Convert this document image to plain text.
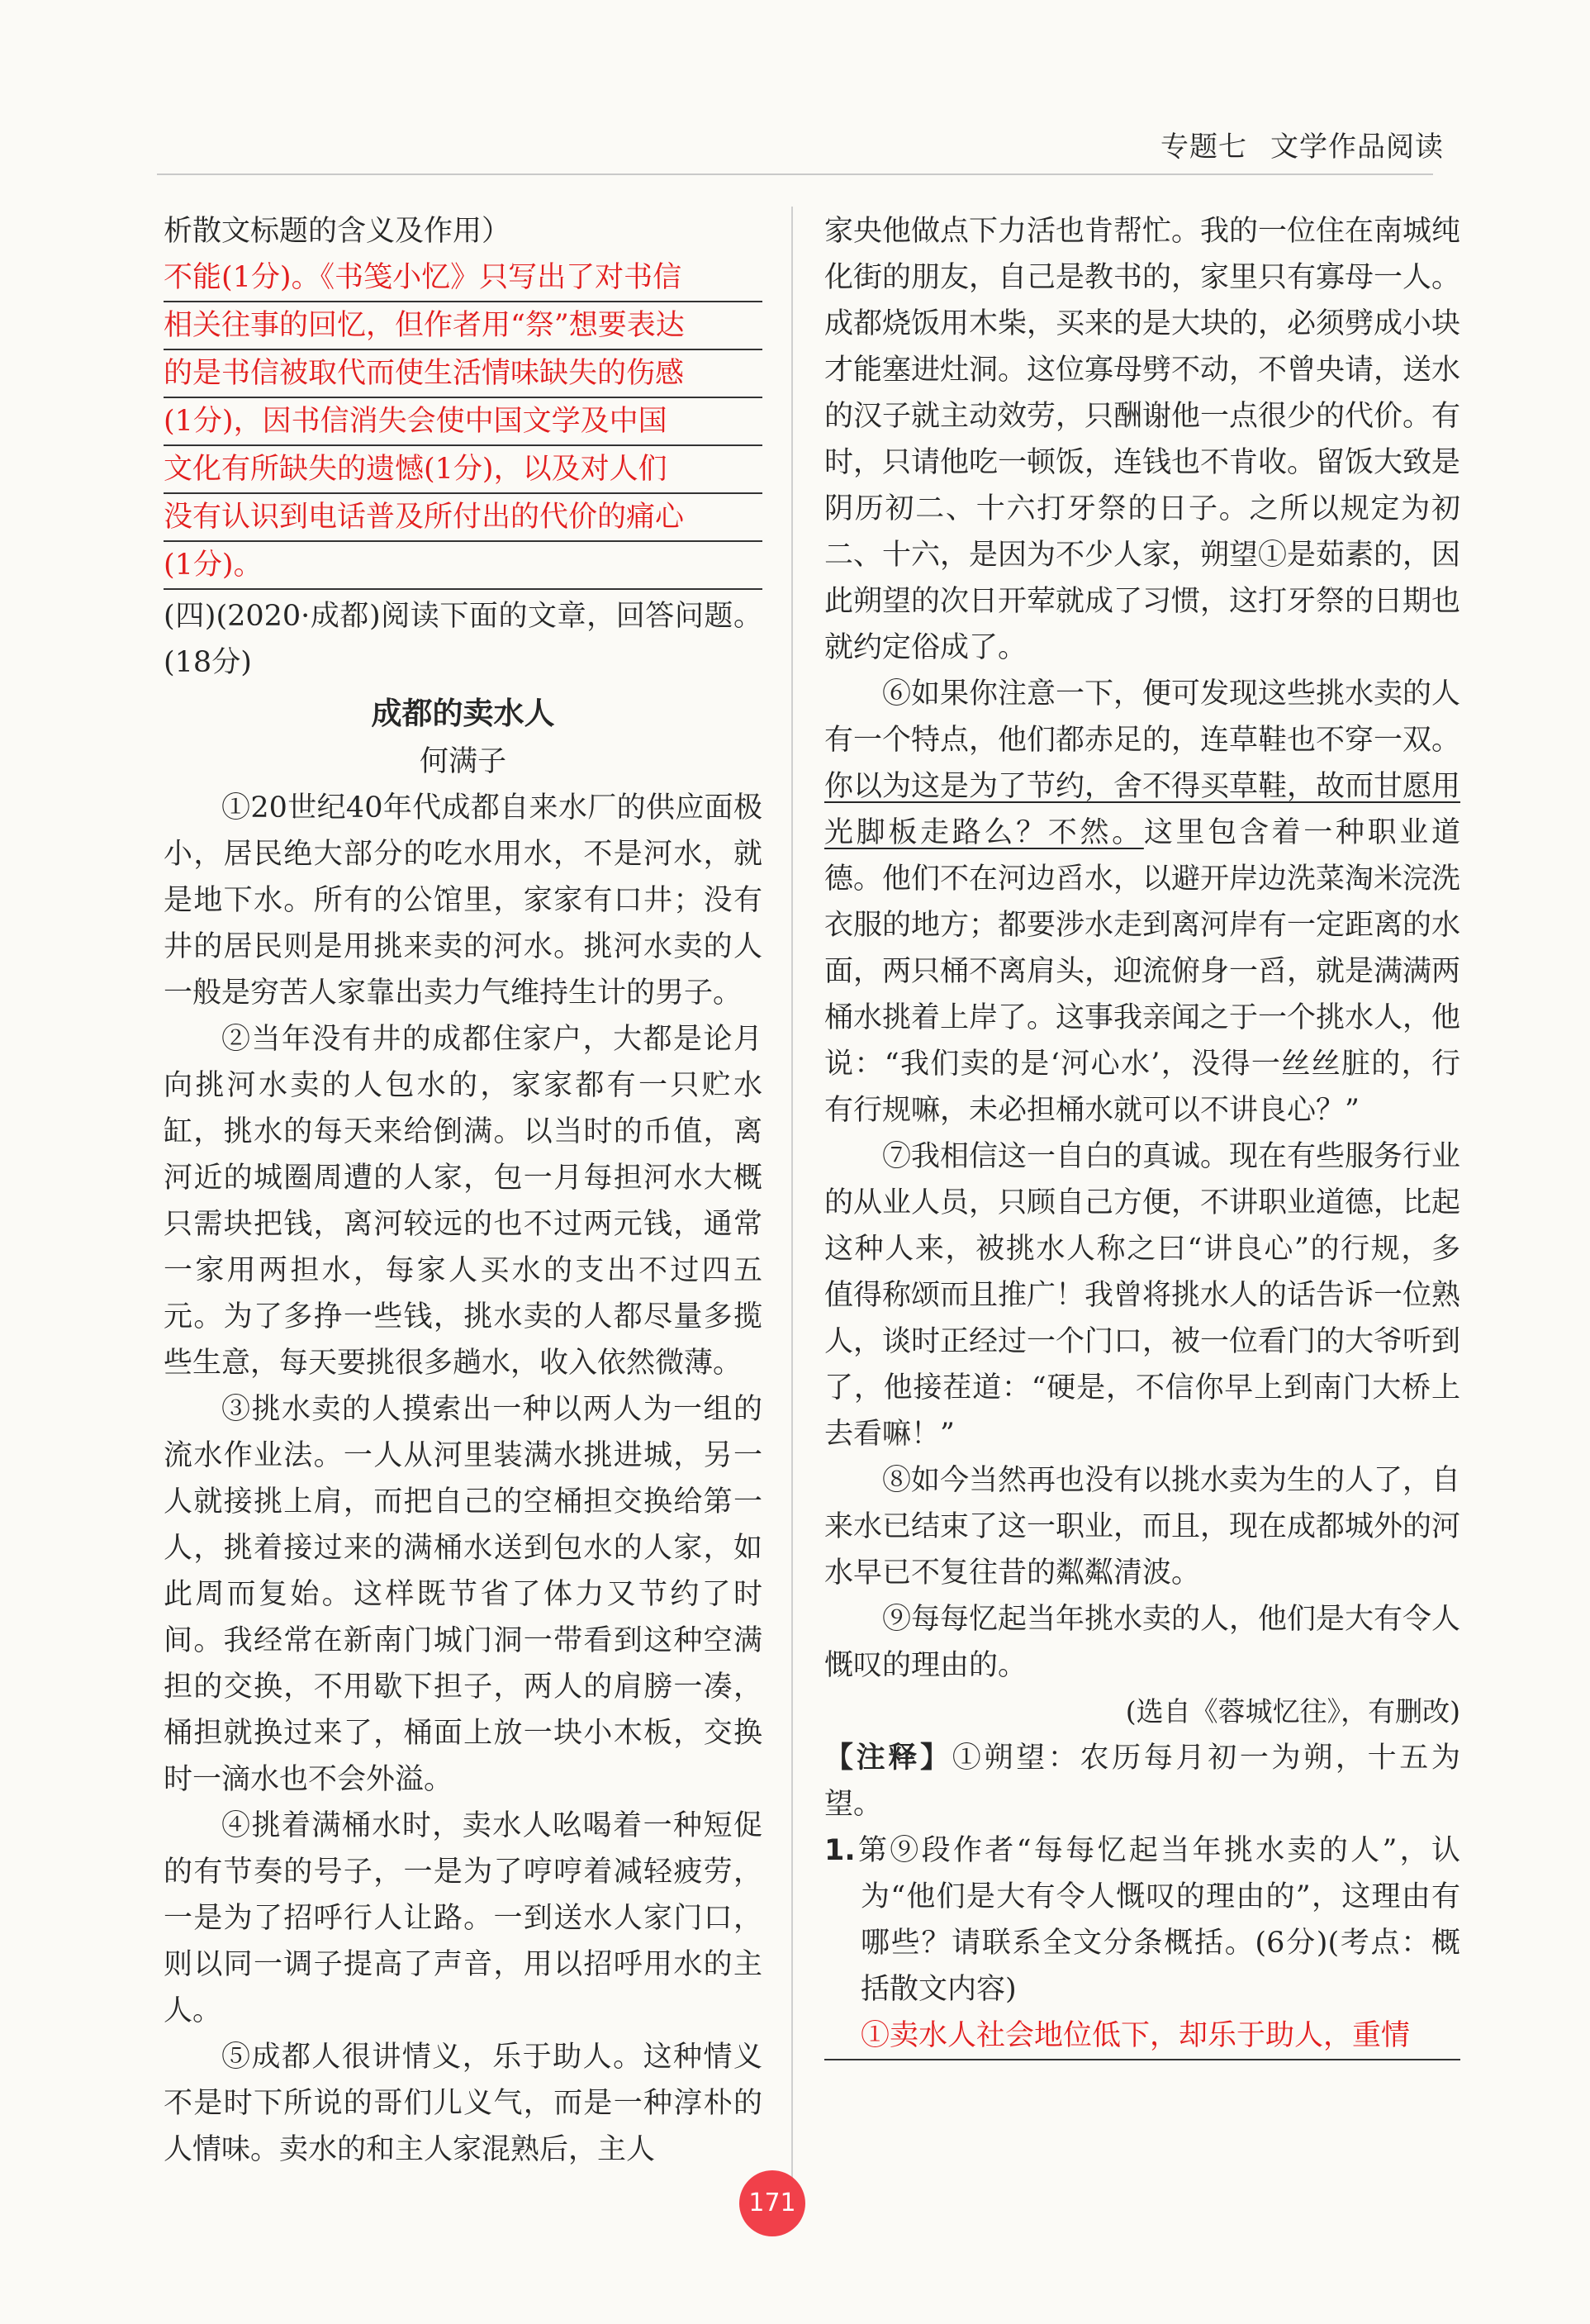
专题七 文学作品阅读

析散文标题的含义及作用）

不能(1分)。《书笺小忆》只写出了对书信

相关往事的回忆，但作者用“祭”想要表达

的是书信被取代而使生活情味缺失的伤感

(1分)，因书信消失会使中国文学及中国

文化有所缺失的遗憾(1分)，以及对人们

没有认识到电话普及所付出的代价的痛心

(1分)。

(四)(2020·成都)阅读下面的文章，回答问题。(18分)

成都的卖水人
何满子

①20世纪40年代成都自来水厂的供应面极小，居民绝大部分的吃水用水，不是河水，就是地下水。所有的公馆里，家家有口井；没有井的居民则是用挑来卖的河水。挑河水卖的人一般是穷苦人家靠出卖力气维持生计的男子。

②当年没有井的成都住家户，大都是论月向挑河水卖的人包水的，家家都有一只贮水缸，挑水的每天来给倒满。以当时的币值，离河近的城圈周遭的人家，包一月每担河水大概只需块把钱，离河较远的也不过两元钱，通常一家用两担水，每家人买水的支出不过四五元。为了多挣一些钱，挑水卖的人都尽量多揽些生意，每天要挑很多趟水，收入依然微薄。

③挑水卖的人摸索出一种以两人为一组的流水作业法。一人从河里装满水挑进城，另一人就接挑上肩，而把自己的空桶担交换给第一人，挑着接过来的满桶水送到包水的人家，如此周而复始。这样既节省了体力又节约了时间。我经常在新南门城门洞一带看到这种空满担的交换，不用歇下担子，两人的肩膀一凑，桶担就换过来了，桶面上放一块小木板，交换时一滴水也不会外溢。

④挑着满桶水时，卖水人吆喝着一种短促的有节奏的号子，一是为了哼哼着减轻疲劳，一是为了招呼行人让路。一到送水人家门口，则以同一调子提高了声音，用以招呼用水的主人。

⑤成都人很讲情义，乐于助人。这种情义不是时下所说的哥们儿义气，而是一种淳朴的人情味。卖水的和主人家混熟后，主人

家央他做点下力活也肯帮忙。我的一位住在南城纯化街的朋友，自己是教书的，家里只有寡母一人。成都烧饭用木柴，买来的是大块的，必须劈成小块才能塞进灶洞。这位寡母劈不动，不曾央请，送水的汉子就主动效劳，只酬谢他一点很少的代价。有时，只请他吃一顿饭，连钱也不肯收。留饭大致是阴历初二、十六打牙祭的日子。之所以规定为初二、十六，是因为不少人家，朔望①是茹素的，因此朔望的次日开荤就成了习惯，这打牙祭的日期也就约定俗成了。

⑥如果你注意一下，便可发现这些挑水卖的人有一个特点，他们都赤足的，连草鞋也不穿一双。你以为这是为了节约，舍不得买草鞋，故而甘愿用光脚板走路么？不然。这里包含着一种职业道德。他们不在河边舀水，以避开岸边洗菜淘米浣洗衣服的地方；都要涉水走到离河岸有一定距离的水面，两只桶不离肩头，迎流俯身一舀，就是满满两桶水挑着上岸了。这事我亲闻之于一个挑水人，他说：“我们卖的是‘河心水’，没得一丝丝脏的，行有行规嘛，未必担桶水就可以不讲良心？”

⑦我相信这一自白的真诚。现在有些服务行业的从业人员，只顾自己方便，不讲职业道德，比起这种人来，被挑水人称之曰“讲良心”的行规，多值得称颂而且推广！我曾将挑水人的话告诉一位熟人，谈时正经过一个门口，被一位看门的大爷听到了，他接茬道：“硬是，不信你早上到南门大桥上去看嘛！”

⑧如今当然再也没有以挑水卖为生的人了，自来水已结束了这一职业，而且，现在成都城外的河水早已不复往昔的粼粼清波。

⑨每每忆起当年挑水卖的人，他们是大有令人慨叹的理由的。

(选自《蓉城忆往》，有删改)

【注释】①朔望：农历每月初一为朔，十五为望。

1.第⑨段作者“每每忆起当年挑水卖的人”，认为“他们是大有令人慨叹的理由的”，这理由有哪些？请联系全文分条概括。(6分)(考点：概括散文内容)

①卖水人社会地位低下，却乐于助人，重情

171
